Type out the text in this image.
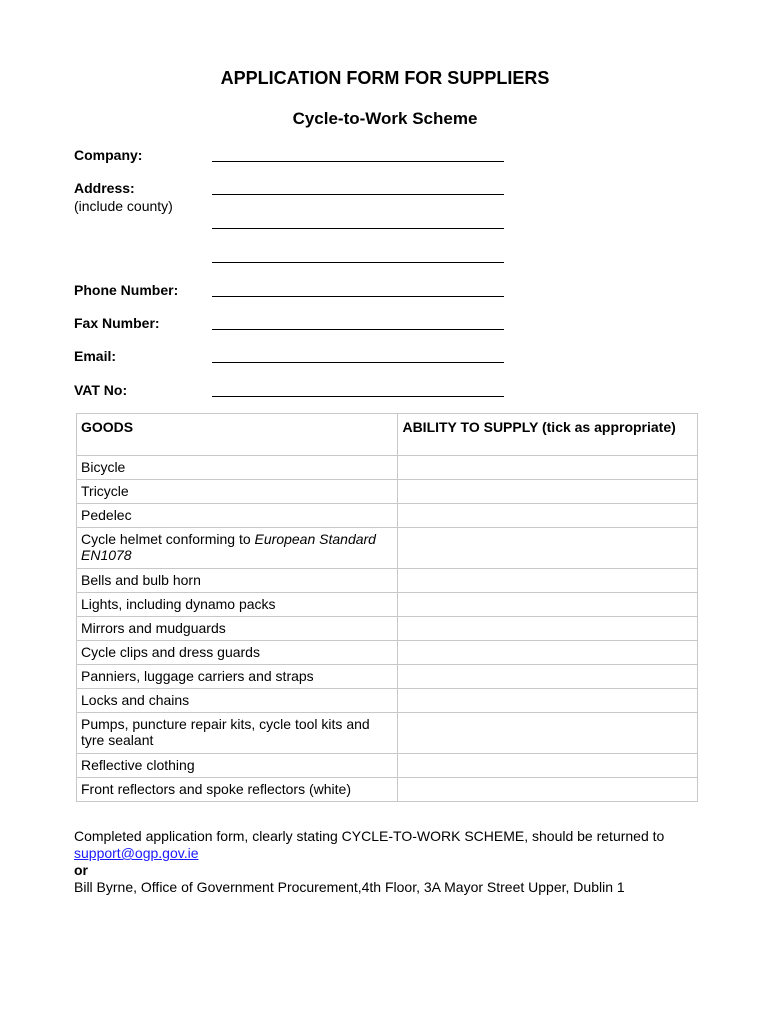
APPLICATION FORM FOR SUPPLIERS
Cycle-to-Work Scheme
Company:
Address:
(include county)
Phone Number:
Fax Number:
Email:
VAT No:
GOODS	ABILITY TO SUPPLY (tick as appropriate)
Bicycle	
Tricycle	
Pedelec	
Cycle helmet conforming to European Standard EN1078	
Bells and bulb horn	
Lights, including dynamo packs	
Mirrors and mudguards	
Cycle clips and dress guards	
Panniers, luggage carriers and straps	
Locks and chains	
Pumps, puncture repair kits, cycle tool kits and tyre sealant	
Reflective clothing	
Front reflectors and spoke reflectors (white)	
Completed application form, clearly stating CYCLE-TO-WORK SCHEME, should be returned to support@ogp.gov.ie
or
Bill Byrne, Office of Government Procurement,4th Floor, 3A Mayor Street Upper, Dublin 1
